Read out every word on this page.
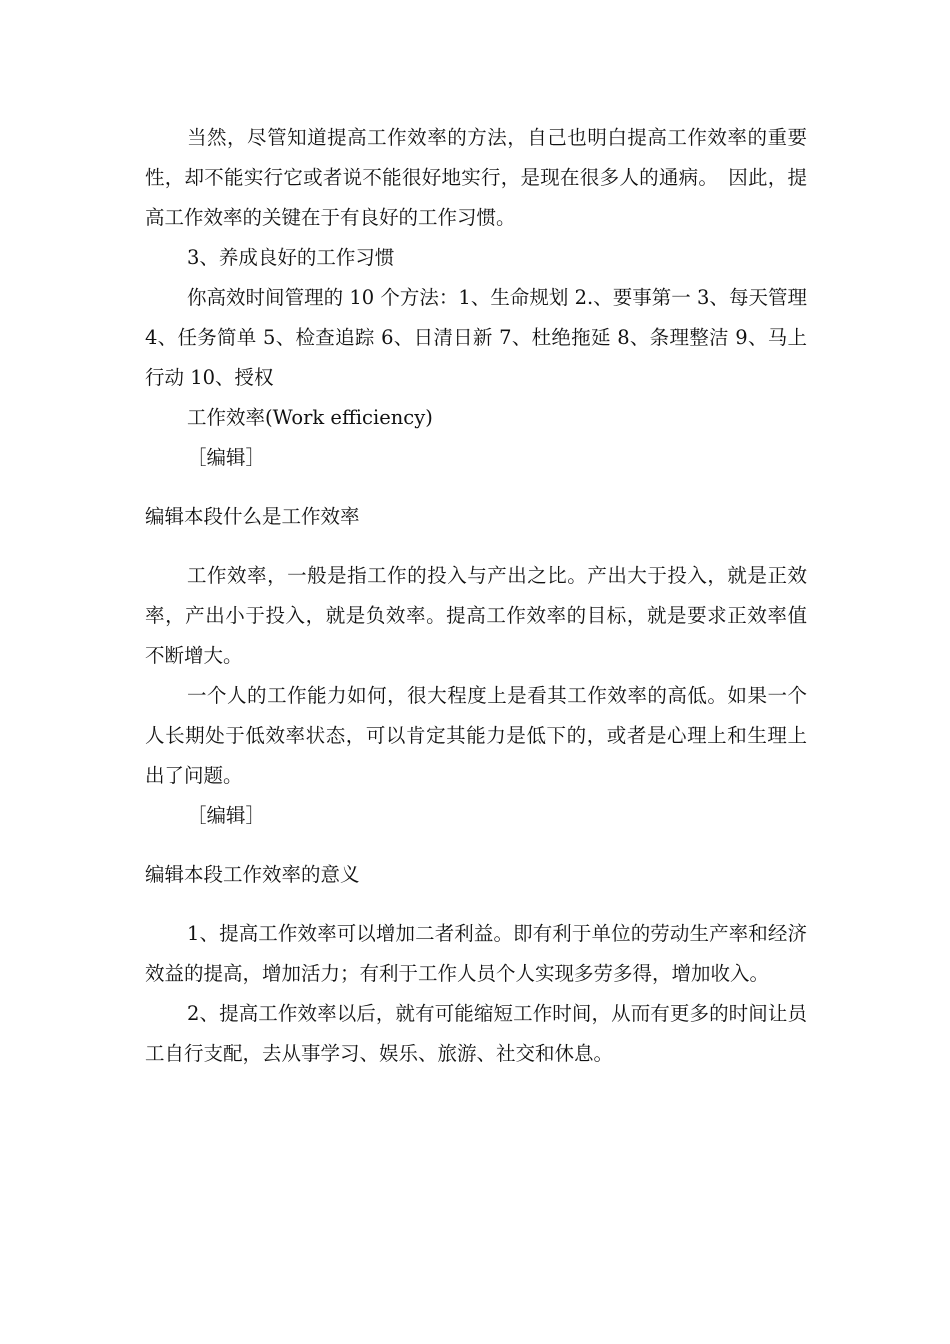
当然，尽管知道提高工作效率的方法，自己也明白提高工作效率的重要性，却不能实行它或者说不能很好地实行，是现在很多人的通病。　因此，提高工作效率的关键在于有良好的工作习惯。

3、养成良好的工作习惯

你高效时间管理的 10 个方法：1、生命规划 2.、要事第一 3、每天管理 4、任务简单 5、检查追踪 6、日清日新 7、杜绝拖延 8、条理整洁 9、马上行动 10、授权

工作效率(Work efficiency)

［编辑］

编辑本段什么是工作效率

工作效率，一般是指工作的投入与产出之比。产出大于投入，就是正效率，产出小于投入，就是负效率。提高工作效率的目标，就是要求正效率值不断增大。

一个人的工作能力如何，很大程度上是看其工作效率的高低。如果一个人长期处于低效率状态，可以肯定其能力是低下的，或者是心理上和生理上出了问题。

［编辑］

编辑本段工作效率的意义

1、提高工作效率可以增加二者利益。即有利于单位的劳动生产率和经济效益的提高，增加活力；有利于工作人员个人实现多劳多得，增加收入。

2、提高工作效率以后，就有可能缩短工作时间，从而有更多的时间让员工自行支配，去从事学习、娱乐、旅游、社交和休息。
